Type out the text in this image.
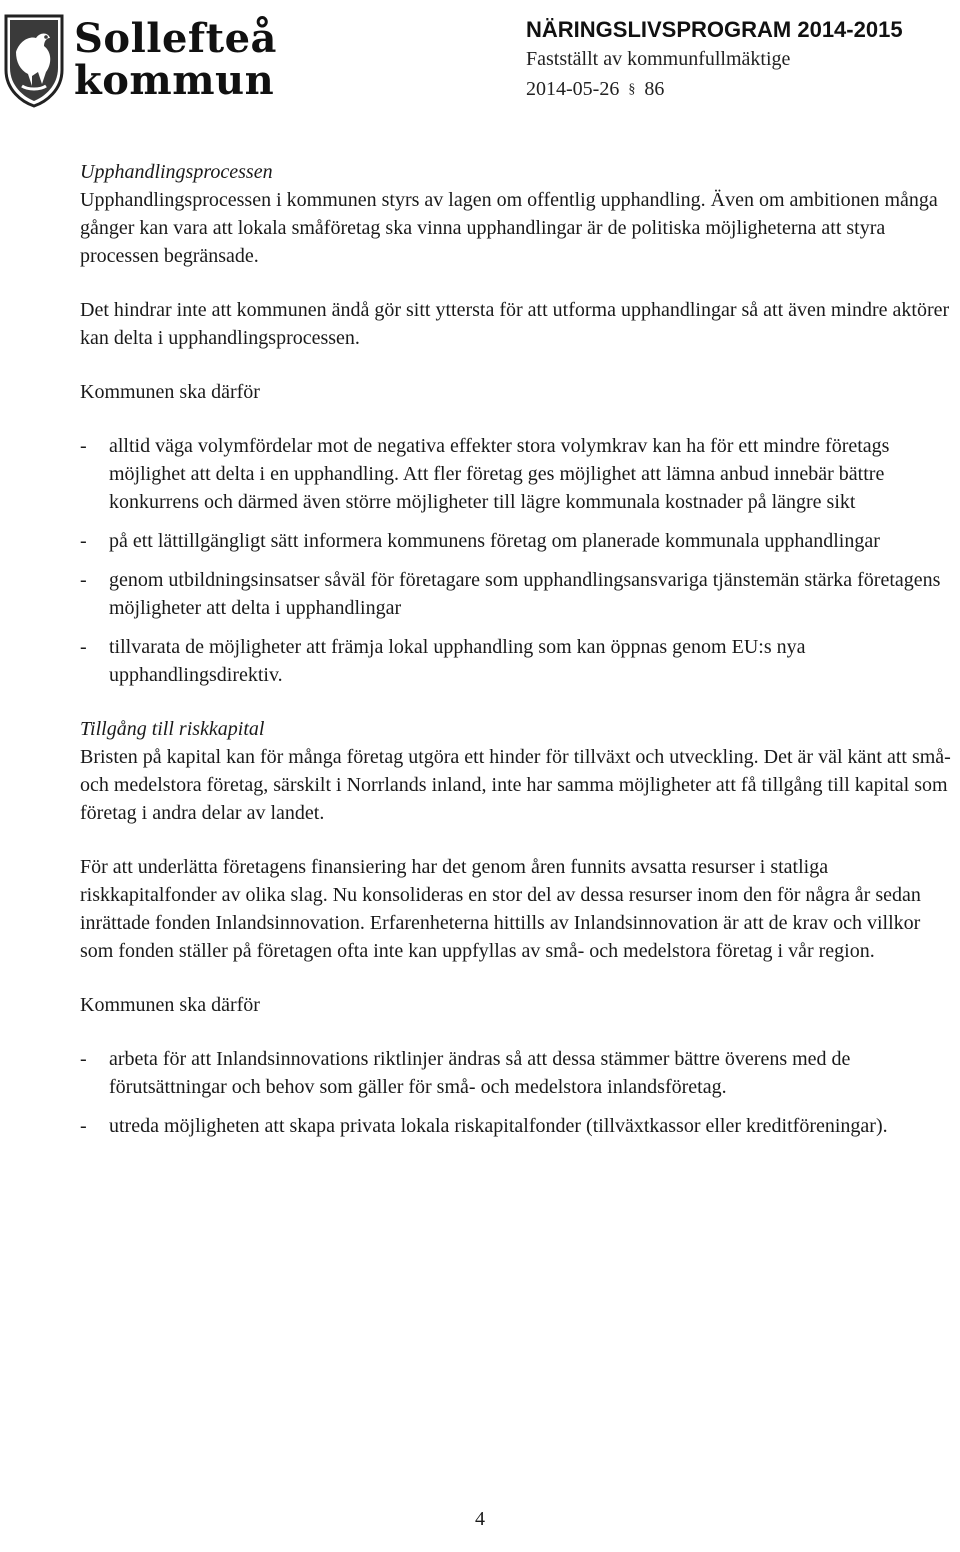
Sollefteå
kommun
NÄRINGSLIVSPROGRAM 2014-2015
Fastställt av kommunfullmäktige
2014-05-26 § 86

Upphandlingsprocessen

Upphandlingsprocessen i kommunen styrs av lagen om offentlig upphandling. Även om ambitionen många gånger kan vara att lokala småföretag ska vinna upphandlingar är de politiska möjligheterna att styra processen begränsade.

Det hindrar inte att kommunen ändå gör sitt yttersta för att utforma upphandlingar så att även mindre aktörer kan delta i upphandlingsprocessen.

Kommunen ska därför

-	alltid väga volymfördelar mot de negativa effekter stora volymkrav kan ha för ett mindre företags möjlighet att delta i en upphandling. Att fler företag ges möjlighet att lämna anbud innebär bättre konkurrens och därmed även större möjligheter till lägre kommunala kostnader på längre sikt
-	på ett lättillgängligt sätt informera kommunens företag om planerade kommunala upphandlingar
-	genom utbildningsinsatser såväl för företagare som upphandlingsansvariga tjänstemän stärka företagens möjligheter att delta i upphandlingar
-	tillvarata de möjligheter att främja lokal upphandling som kan öppnas genom EU:s nya upphandlingsdirektiv.

Tillgång till riskkapital

Bristen på kapital kan för många företag utgöra ett hinder för tillväxt och utveckling. Det är väl känt att små- och medelstora företag, särskilt i Norrlands inland, inte har samma möjligheter att få tillgång till kapital som företag i andra delar av landet.

För att underlätta företagens finansiering har det genom åren funnits avsatta resurser i statliga riskkapitalfonder av olika slag. Nu konsolideras en stor del av dessa resurser inom den för några år sedan inrättade fonden Inlandsinnovation. Erfarenheterna hittills av Inlandsinnovation är att de krav och villkor som fonden ställer på företagen ofta inte kan uppfyllas av små- och medelstora företag i vår region.

Kommunen ska därför

-	arbeta för att Inlandsinnovations riktlinjer ändras så att dessa stämmer bättre överens med de förutsättningar och behov som gäller för små- och medelstora inlandsföretag.
-	utreda möjligheten att skapa privata lokala riskapitalfonder (tillväxtkassor eller kreditföreningar).
4
